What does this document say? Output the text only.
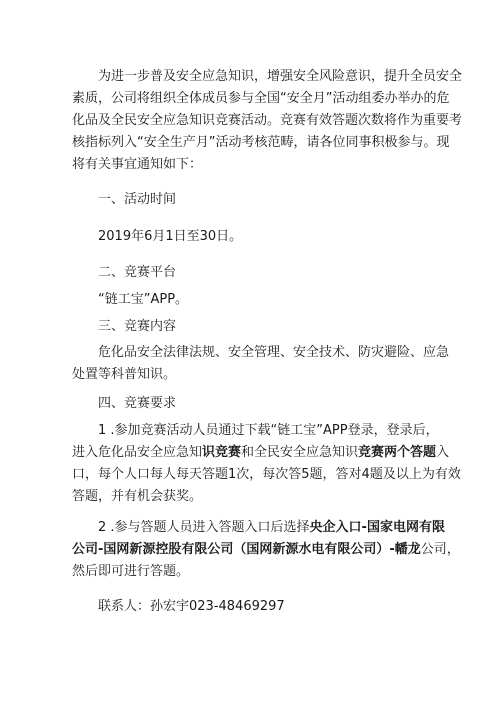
为进一步普及安全应急知识，增强安全风险意识，提升全员安全
素质，公司将组织全体成员参与全国“安全月”活动组委办举办的危
化品及全民安全应急知识竞赛活动。竞赛有效答题次数将作为重要考
核指标列入“安全生产月”活动考核范畴，请各位同事积极参与。现
将有关事宜通知如下：
一、活动时间
2019年6月1日至30日。
二、竞赛平台
“链工宝”APP。
三、竞赛内容
危化品安全法律法规、安全管理、安全技术、防灾避险、应急
处置等科普知识。
四、竞赛要求
1 .参加竞赛活动人员通过下载“链工宝”APP登录，登录后，
进入危化品安全应急知识竞赛和全民安全应急知识竞赛两个答题入
口，每个人口每人每天答题1次，每次答5题，答对4题及以上为有效
答题，并有机会获奖。
2 .参与答题人员进入答题入口后选择央企入口-国家电网有限
公司-国网新源控股有限公司（国网新源水电有限公司）-幡龙公司，
然后即可进行答题。
联系人：孙宏宇023-48469297
